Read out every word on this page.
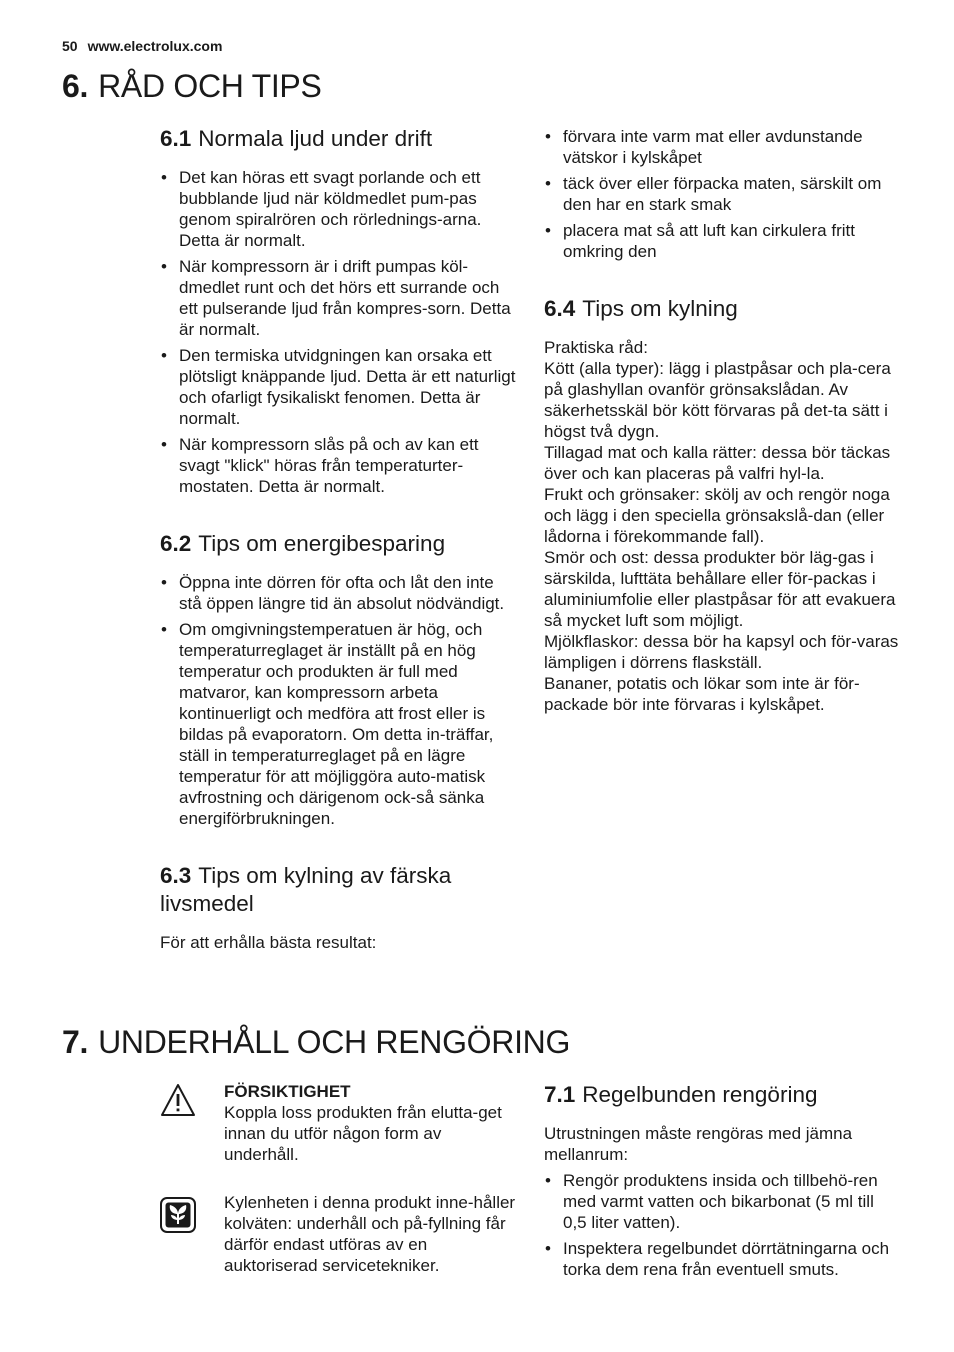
50 www.electrolux.com
6. RÅD OCH TIPS
6.1 Normala ljud under drift
• Det kan höras ett svagt porlande och ett bubblande ljud när köldmedlet pum-pas genom spiralrören och rörlednings-arna. Detta är normalt.
• När kompressorn är i drift pumpas köl-dmedlet runt och det hörs ett surrande och ett pulserande ljud från kompres-sorn. Detta är normalt.
• Den termiska utvidgningen kan orsaka ett plötsligt knäppande ljud. Detta är ett naturligt och ofarligt fysikaliskt fenomen. Detta är normalt.
• När kompressorn slås på och av kan ett svagt "klick" höras från temperaturter-mostaten. Detta är normalt.
6.2 Tips om energibesparing
• Öppna inte dörren för ofta och låt den inte stå öppen längre tid än absolut nödvändigt.
• Om omgivningstemperatuen är hög, och temperaturreglaget är inställt på en hög temperatur och produkten är full med matvaror, kan kompressorn arbeta kontinuerligt och medföra att frost eller is bildas på evaporatorn. Om detta in-träffar, ställ in temperaturreglaget på en lägre temperatur för att möjliggöra auto-matisk avfrostning och därigenom ock-så sänka energiförbrukningen.
6.3 Tips om kylning av färska livsmedel

För att erhålla bästa resultat:

• förvara inte varm mat eller avdunstande vätskor i kylskåpet
• täck över eller förpacka maten, särskilt om den har en stark smak
• placera mat så att luft kan cirkulera fritt omkring den
6.4 Tips om kylning

Praktiska råd:

Kött (alla typer): lägg i plastpåsar och pla-cera på glashyllan ovanför grönsakslådan. Av säkerhetsskäl bör kött förvaras på det-ta sätt i högst två dygn.

Tillagad mat och kalla rätter: dessa bör täckas över och kan placeras på valfri hyl-la.

Frukt och grönsaker: skölj av och rengör noga och lägg i den speciella grönsakslå-dan (eller lådorna i förekommande fall).

Smör och ost: dessa produkter bör läg-gas i särskilda, lufttäta behållare eller för-packas i aluminiumfolie eller plastpåsar för att evakuera så mycket luft som möjligt.

Mjölkflaskor: dessa bör ha kapsyl och för-varas lämpligen i dörrens flaskställ.

Bananer, potatis och lökar som inte är för-packade bör inte förvaras i kylskåpet.

7. UNDERHÅLL OCH RENGÖRING
FÖRSIKTIGHET

Koppla loss produkten från elutta-get innan du utför någon form av underhåll.

Kylenheten i denna produkt inne-håller kolväten: underhåll och på-fyllning får därför endast utföras av en auktoriserad servicetekniker.

7.1 Regelbunden rengöring

Utrustningen måste rengöras med jämna mellanrum:

• Rengör produktens insida och tillbehö-ren med varmt vatten och bikarbonat (5 ml till 0,5 liter vatten).
• Inspektera regelbundet dörrtätningarna och torka dem rena från eventuell smuts.
